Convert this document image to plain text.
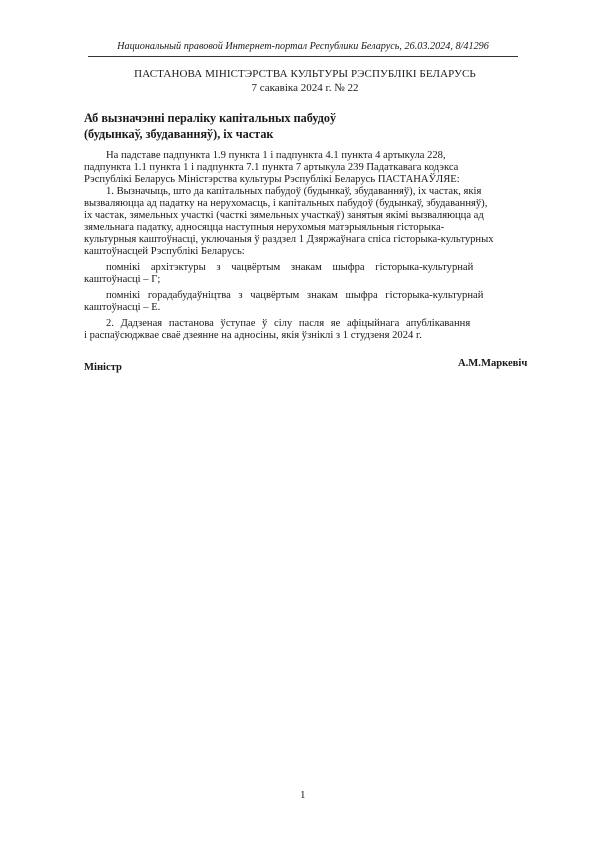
Национальный правовой Интернет-портал Республики Беларусь, 26.03.2024, 8/41296
ПАСТАНОВА МІНІСТЭРСТВА КУЛЬТУРЫ РЭСПУБЛІКІ БЕЛАРУСЬ
7 сакавіка 2024 г. № 22
Аб вызначэнні пераліку капітальных пабудоў
(будынкаў, збудаванняў), іх частак
На падставе падпункта 1.9 пункта 1 і падпункта 4.1 пункта 4 артыкула 228,
падпункта 1.1 пункта 1 і падпункта 7.1 пункта 7 артыкула 239 Падаткавага кодэкса
Рэспублікі Беларусь Міністэрства культуры Рэспублікі Беларусь ПАСТАНАЎЛЯЕ:
1. Вызначыць, што да капітальных пабудоў (будынкаў, збудаванняў), іх частак, якія
вызваляюцца ад падатку на нерухомасць, і капітальных пабудоў (будынкаў, збудаванняў),
іх частак, зямельных участкі (часткі зямельных участкаў) занятыя якімі вызваляюцца ад
зямельнага падатку, адносяцца наступныя нерухомыя матэрыяльныя гісторыка-
культурныя каштоўнасці, уключаныя ў раздзел 1 Дзяржаўнага спіса гісторыка-культурных
каштоўнасцей Рэспублікі Беларусь:
помнікі архітэктуры з чацвёртым знакам шыфра гісторыка-культурнай
каштоўнасці – Г;
помнікі горадабудаўніцтва з чацвёртым знакам шыфра гісторыка-культурнай
каштоўнасці – Е.
2. Дадзеная пастанова ўступае ў сілу пасля яе афіцыйнага апублікавання
і распаўсюджвае сваё дзеянне на адносіны, якія ўзніклі з 1 студзеня 2024 г.
Міністр	А.М.Маркевіч
1
